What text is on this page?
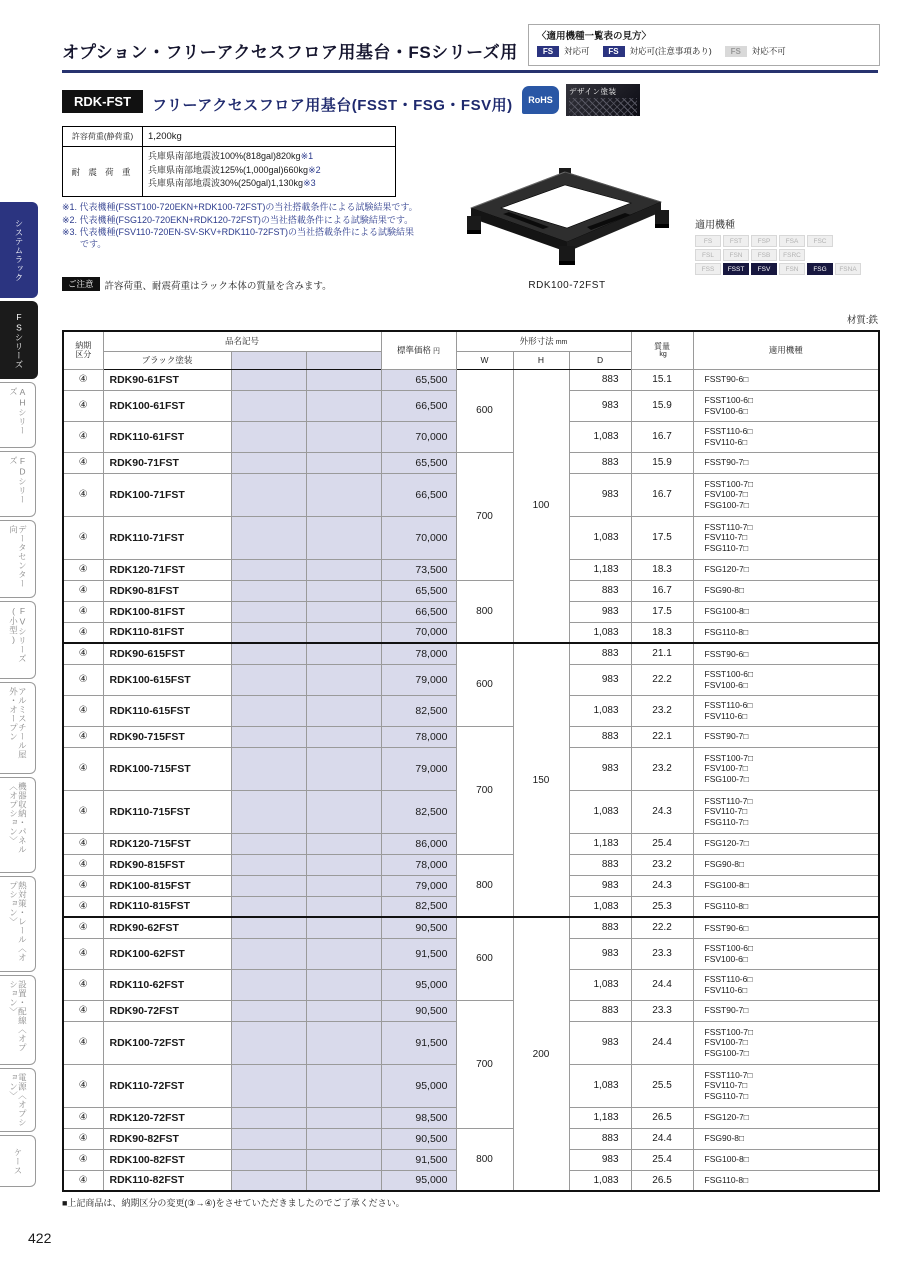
システムラック
FSシリーズ
AHシリーズ
FDシリーズ
データセンター向
FVシリーズ(小型)
アルミスチール屋外・オープン
機器収納・パネル〈オプション〉
熱対策・レール〈オプション〉
設置・配線〈オプション〉
電源〈オプション〉
ケース
〈適用機種一覧表の見方〉
FS	対応可	FS	対応可(注意事項あり)	FS	対応不可
オプション・フリーアクセスフロア用基台・FSシリーズ用
RDK-FST	フリーアクセスフロア用基台(FSST・FSG・FSV用)	RoHS
デザイン塗装
許容荷重(静荷重)	1,200kg
耐 震 荷 重
兵庫県南部地震波100%(818gal)820kg※1
兵庫県南部地震波125%(1,000gal)660kg※2
兵庫県南部地震波30%(250gal)1,130kg※3
※1. 代表機種(FSST100-720EKN+RDK100-72FST)の当社搭載条件による試験結果です。
※2. 代表機種(FSG120-720EKN+RDK120-72FST)の当社搭載条件による試験結果です。
※3. 代表機種(FSV110-720EN-SV-SKV+RDK110-72FST)の当社搭載条件による試験結果です。
ご注意	許容荷重、耐震荷重はラック本体の質量を含みます。	RDK100-72FST
適用機種
FS	FST	FSP	FSA	FSC
FSL	FSN	FSB	FSRC
FSS	FSST	FSV	FSN	FSG	FSNA
材質:鉄
納期
区分
	品名記号	標準価格 円	外形寸法 mm	質量
kg	適用機種
	ブラック塗装				W	H	D		
④	RDK90-61FST			65,500	600	100	883	15.1	FSST90-6□

④	RDK100-61FST			66,500			983	15.9	FSST100-6□
FSV100-6□

④	RDK110-61FST			70,000			1,083	16.7	FSST110-6□
FSV110-6□

④	RDK90-71FST			65,500	700		883	15.9	FSST90-7□

④	RDK100-71FST			66,500			983	16.7	FSST100-7□
FSV100-7□
FSG100-7□

④	RDK110-71FST			70,000			1,083	17.5	FSST110-7□
FSV110-7□
FSG110-7□

④	RDK120-71FST			73,500			1,183	18.3	FSG120-7□

④	RDK90-81FST			65,500	800		883	16.7	FSG90-8□

④	RDK100-81FST			66,500			983	17.5	FSG100-8□

④	RDK110-81FST			70,000			1,083	18.3	FSG110-8□

④	RDK90-615FST			78,000	600	150	883	21.1	FSST90-6□

④	RDK100-615FST			79,000			983	22.2	FSST100-6□
FSV100-6□

④	RDK110-615FST			82,500			1,083	23.2	FSST110-6□
FSV110-6□

④	RDK90-715FST			78,000	700		883	22.1	FSST90-7□

④	RDK100-715FST			79,000			983	23.2	FSST100-7□
FSV100-7□
FSG100-7□

④	RDK110-715FST			82,500			1,083	24.3	FSST110-7□
FSV110-7□
FSG110-7□

④	RDK120-715FST			86,000			1,183	25.4	FSG120-7□

④	RDK90-815FST			78,000	800		883	23.2	FSG90-8□

④	RDK100-815FST			79,000			983	24.3	FSG100-8□

④	RDK110-815FST			82,500			1,083	25.3	FSG110-8□

④	RDK90-62FST			90,500	600	200	883	22.2	FSST90-6□

④	RDK100-62FST			91,500			983	23.3	FSST100-6□
FSV100-6□

④	RDK110-62FST			95,000			1,083	24.4	FSST110-6□
FSV110-6□

④	RDK90-72FST			90,500	700		883	23.3	FSST90-7□

④	RDK100-72FST			91,500			983	24.4	FSST100-7□
FSV100-7□
FSG100-7□

④	RDK110-72FST			95,000			1,083	25.5	FSST110-7□
FSV110-7□
FSG110-7□

④	RDK120-72FST			98,500			1,183	26.5	FSG120-7□

④	RDK90-82FST			90,500	800		883	24.4	FSG90-8□

④	RDK100-82FST			91,500			983	25.4	FSG100-8□

④	RDK110-82FST			95,000			1,083	26.5	FSG110-8□
■上記商品は、納期区分の変更(③→④)をさせていただきましたのでご了承ください。
422
